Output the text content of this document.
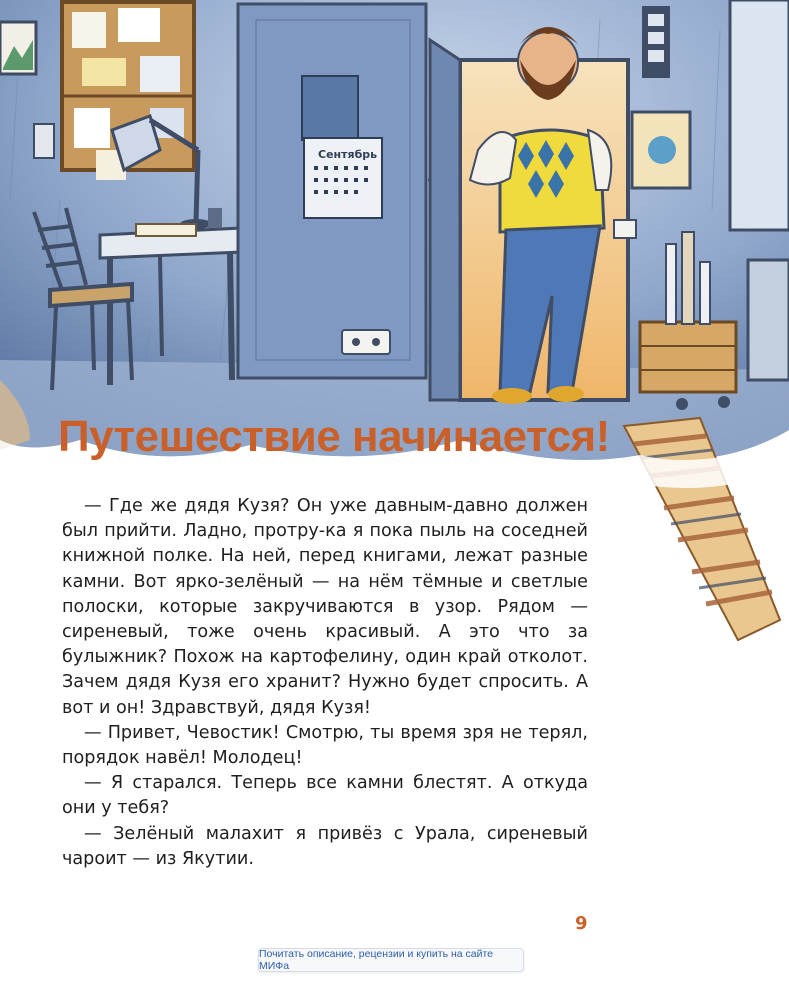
Сентябрь
Путешествие начинается!

— Где же дядя Кузя? Он уже давным-давно должен был прийти. Ладно, протру-ка я пока пыль на соседней книжной полке. На ней, перед книгами, лежат разные камни. Вот ярко-зелёный — на нём тёмные и светлые полоски, которые закручиваются в узор. Рядом — сиреневый, тоже очень красивый. А это что за булыжник? Похож на картофелину, один край отколот. Зачем дядя Кузя его хранит? Нужно будет спросить. А вот и он! Здравствуй, дядя Кузя!

— Привет, Чевостик! Смотрю, ты время зря не терял, порядок навёл! Молодец!

— Я старался. Теперь все камни блестят. А откуда они у тебя?

— Зелёный малахит я привёз с Урала, сиреневый чароит — из Якутии.

9
Почитать описание, рецензии и купить на сайте МИФа
